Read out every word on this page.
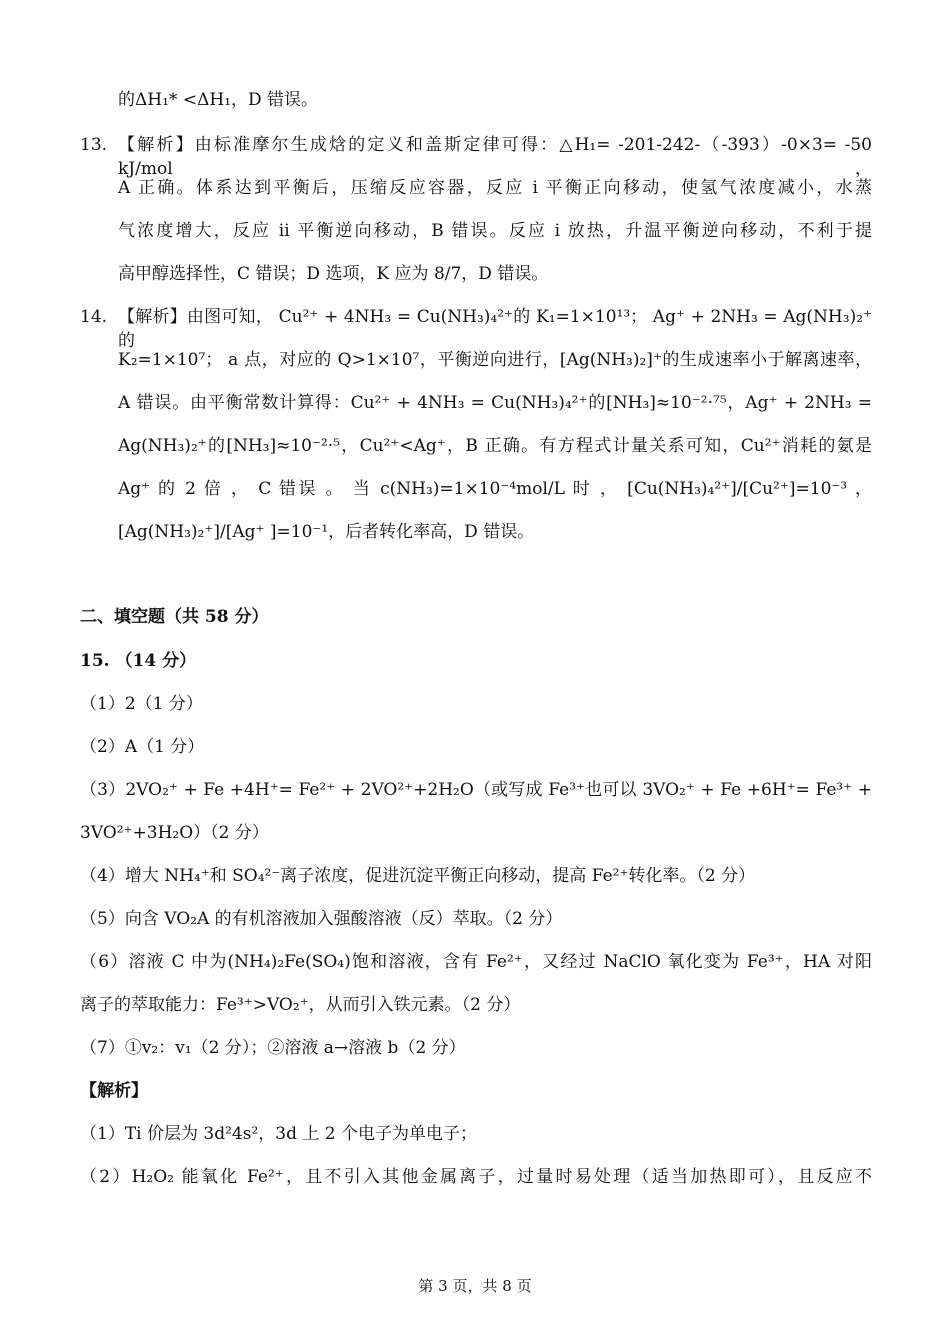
的ΔH₁* <ΔH₁，D 错误。
13. 【解析】由标准摩尔生成焓的定义和盖斯定律可得：△H₁= -201-242-（-393）-0×3= -50 kJ/mol，
A 正确。体系达到平衡后，压缩反应容器，反应 i 平衡正向移动，使氢气浓度减小，水蒸
气浓度增大，反应 ii 平衡逆向移动，B 错误。反应 i 放热，升温平衡逆向移动，不利于提
高甲醇选择性，C 错误；D 选项，K 应为 8/7，D 错误。
14. 【解析】由图可知， Cu²⁺ + 4NH₃ = Cu(NH₃)₄²⁺的 K₁=1×10¹³； Ag⁺ + 2NH₃ = Ag(NH₃)₂⁺的
K₂=1×10⁷； a 点，对应的 Q>1×10⁷，平衡逆向进行，[Ag(NH₃)₂]⁺的生成速率小于解离速率，
A 错误。由平衡常数计算得：Cu²⁺ + 4NH₃ = Cu(NH₃)₄²⁺的[NH₃]≈10⁻²·⁷⁵，Ag⁺ + 2NH₃ =
Ag(NH₃)₂⁺的[NH₃]≈10⁻²·⁵，Cu²⁺<Ag⁺，B 正确。有方程式计量关系可知，Cu²⁺消耗的氨是
Ag⁺ 的 2 倍 ， C 错误 。 当 c(NH₃)=1×10⁻⁴mol/L 时 ， [Cu(NH₃)₄²⁺]/[Cu²⁺]=10⁻³ ，
[Ag(NH₃)₂⁺]/[Ag⁺ ]=10⁻¹，后者转化率高，D 错误。
二、填空题（共 58 分）
15. （14 分）
（1）2（1 分）
（2）A（1 分）
（3）2VO₂⁺ + Fe +4H⁺= Fe²⁺ + 2VO²⁺+2H₂O（或写成 Fe³⁺也可以 3VO₂⁺ + Fe +6H⁺= Fe³⁺ +
3VO²⁺+3H₂O）（2 分）
（4）增大 NH₄⁺和 SO₄²⁻离子浓度，促进沉淀平衡正向移动，提高 Fe²⁺转化率。（2 分）
（5）向含 VO₂A 的有机溶液加入强酸溶液（反）萃取。（2 分）
（6）溶液 C 中为(NH₄)₂Fe(SO₄)饱和溶液，含有 Fe²⁺，又经过 NaClO 氧化变为 Fe³⁺，HA 对阳
离子的萃取能力：Fe³⁺>VO₂⁺，从而引入铁元素。（2 分）
（7）①v₂：v₁（2 分）；②溶液 a→溶液 b（2 分）
【解析】
（1）Ti 价层为 3d²4s²，3d 上 2 个电子为单电子；
（2）H₂O₂ 能氧化 Fe²⁺，且不引入其他金属离子，过量时易处理（适当加热即可），且反应不
第 3 页，共 8 页
